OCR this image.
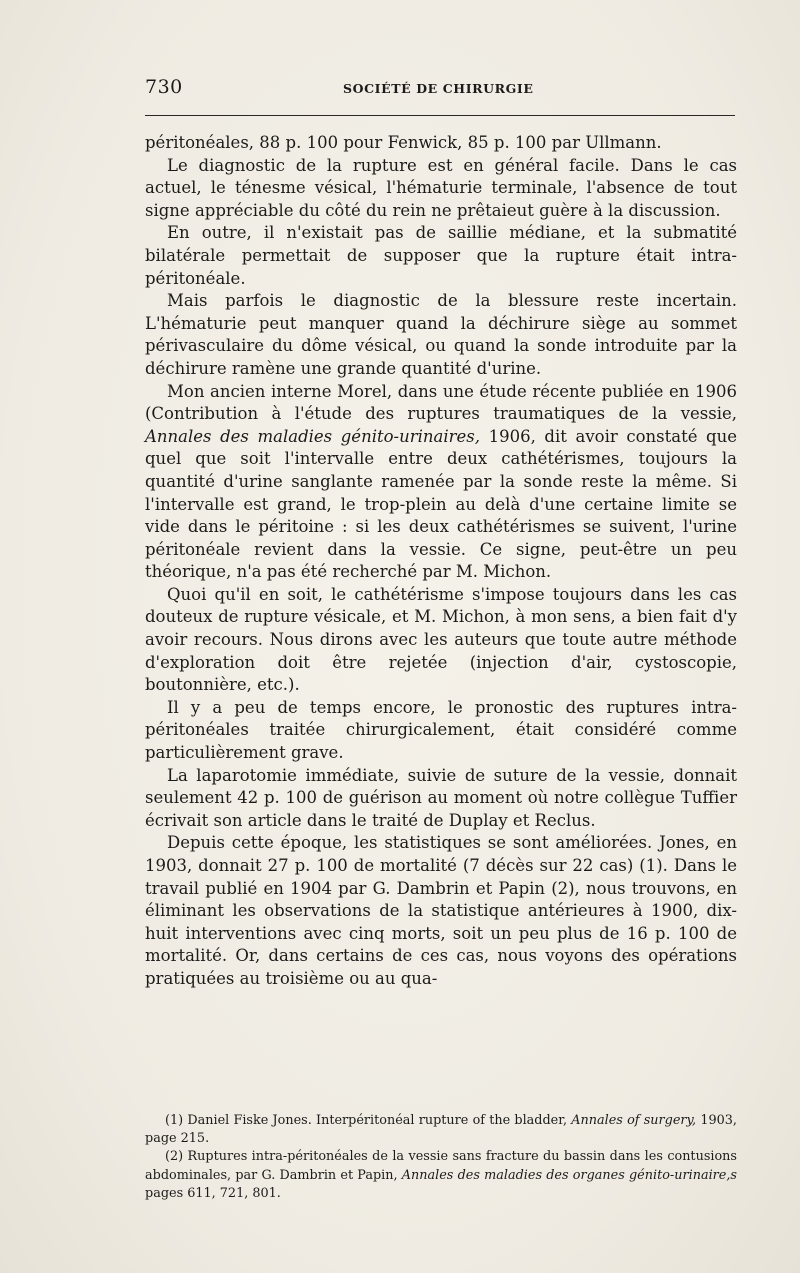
730	SOCIÉTÉ DE CHIRURGIE

péritonéales, 88 p. 100 pour Fenwick, 85 p. 100 par Ullmann.

Le diagnostic de la rupture est en général facile. Dans le cas actuel, le ténesme vésical, l'hématurie terminale, l'absence de tout signe appréciable du côté du rein ne prêtaieut guère à la discussion.

En outre, il n'existait pas de saillie médiane, et la submatité bilatérale permettait de supposer que la rupture était intra-péritonéale.

Mais parfois le diagnostic de la blessure reste incertain. L'hématurie peut manquer quand la déchirure siège au sommet périvasculaire du dôme vésical, ou quand la sonde introduite par la déchirure ramène une grande quantité d'urine.

Mon ancien interne Morel, dans une étude récente publiée en 1906 (Contribution à l'étude des ruptures traumatiques de la vessie, Annales des maladies génito-urinaires, 1906, dit avoir constaté que quel que soit l'intervalle entre deux cathétérismes, toujours la quantité d'urine sanglante ramenée par la sonde reste la même. Si l'intervalle est grand, le trop-plein au delà d'une certaine limite se vide dans le péritoine : si les deux cathétérismes se suivent, l'urine péritonéale revient dans la vessie. Ce signe, peut-être un peu théorique, n'a pas été recherché par M. Michon.

Quoi qu'il en soit, le cathétérisme s'impose toujours dans les cas douteux de rupture vésicale, et M. Michon, à mon sens, a bien fait d'y avoir recours. Nous dirons avec les auteurs que toute autre méthode d'exploration doit être rejetée (injection d'air, cystoscopie, boutonnière, etc.).

Il y a peu de temps encore, le pronostic des ruptures intra-péritonéales traitée chirurgicalement, était considéré comme particulièrement grave.

La laparotomie immédiate, suivie de suture de la vessie, donnait seulement 42 p. 100 de guérison au moment où notre collègue Tuffier écrivait son article dans le traité de Duplay et Reclus.

Depuis cette époque, les statistiques se sont améliorées. Jones, en 1903, donnait 27 p. 100 de mortalité (7 décès sur 22 cas) (1). Dans le travail publié en 1904 par G. Dambrin et Papin (2), nous trouvons, en éliminant les observations de la statistique antérieures à 1900, dix-huit interventions avec cinq morts, soit un peu plus de 16 p. 100 de mortalité. Or, dans certains de ces cas, nous voyons des opérations pratiquées au troisième ou au qua-

(1) Daniel Fiske Jones. Interpéritonéal rupture of the bladder, Annales of surgery, 1903, page 215.

(2) Ruptures intra-péritonéales de la vessie sans fracture du bassin dans les contusions abdominales, par G. Dambrin et Papin, Annales des maladies des organes génito-urinaire,s pages 611, 721, 801.
